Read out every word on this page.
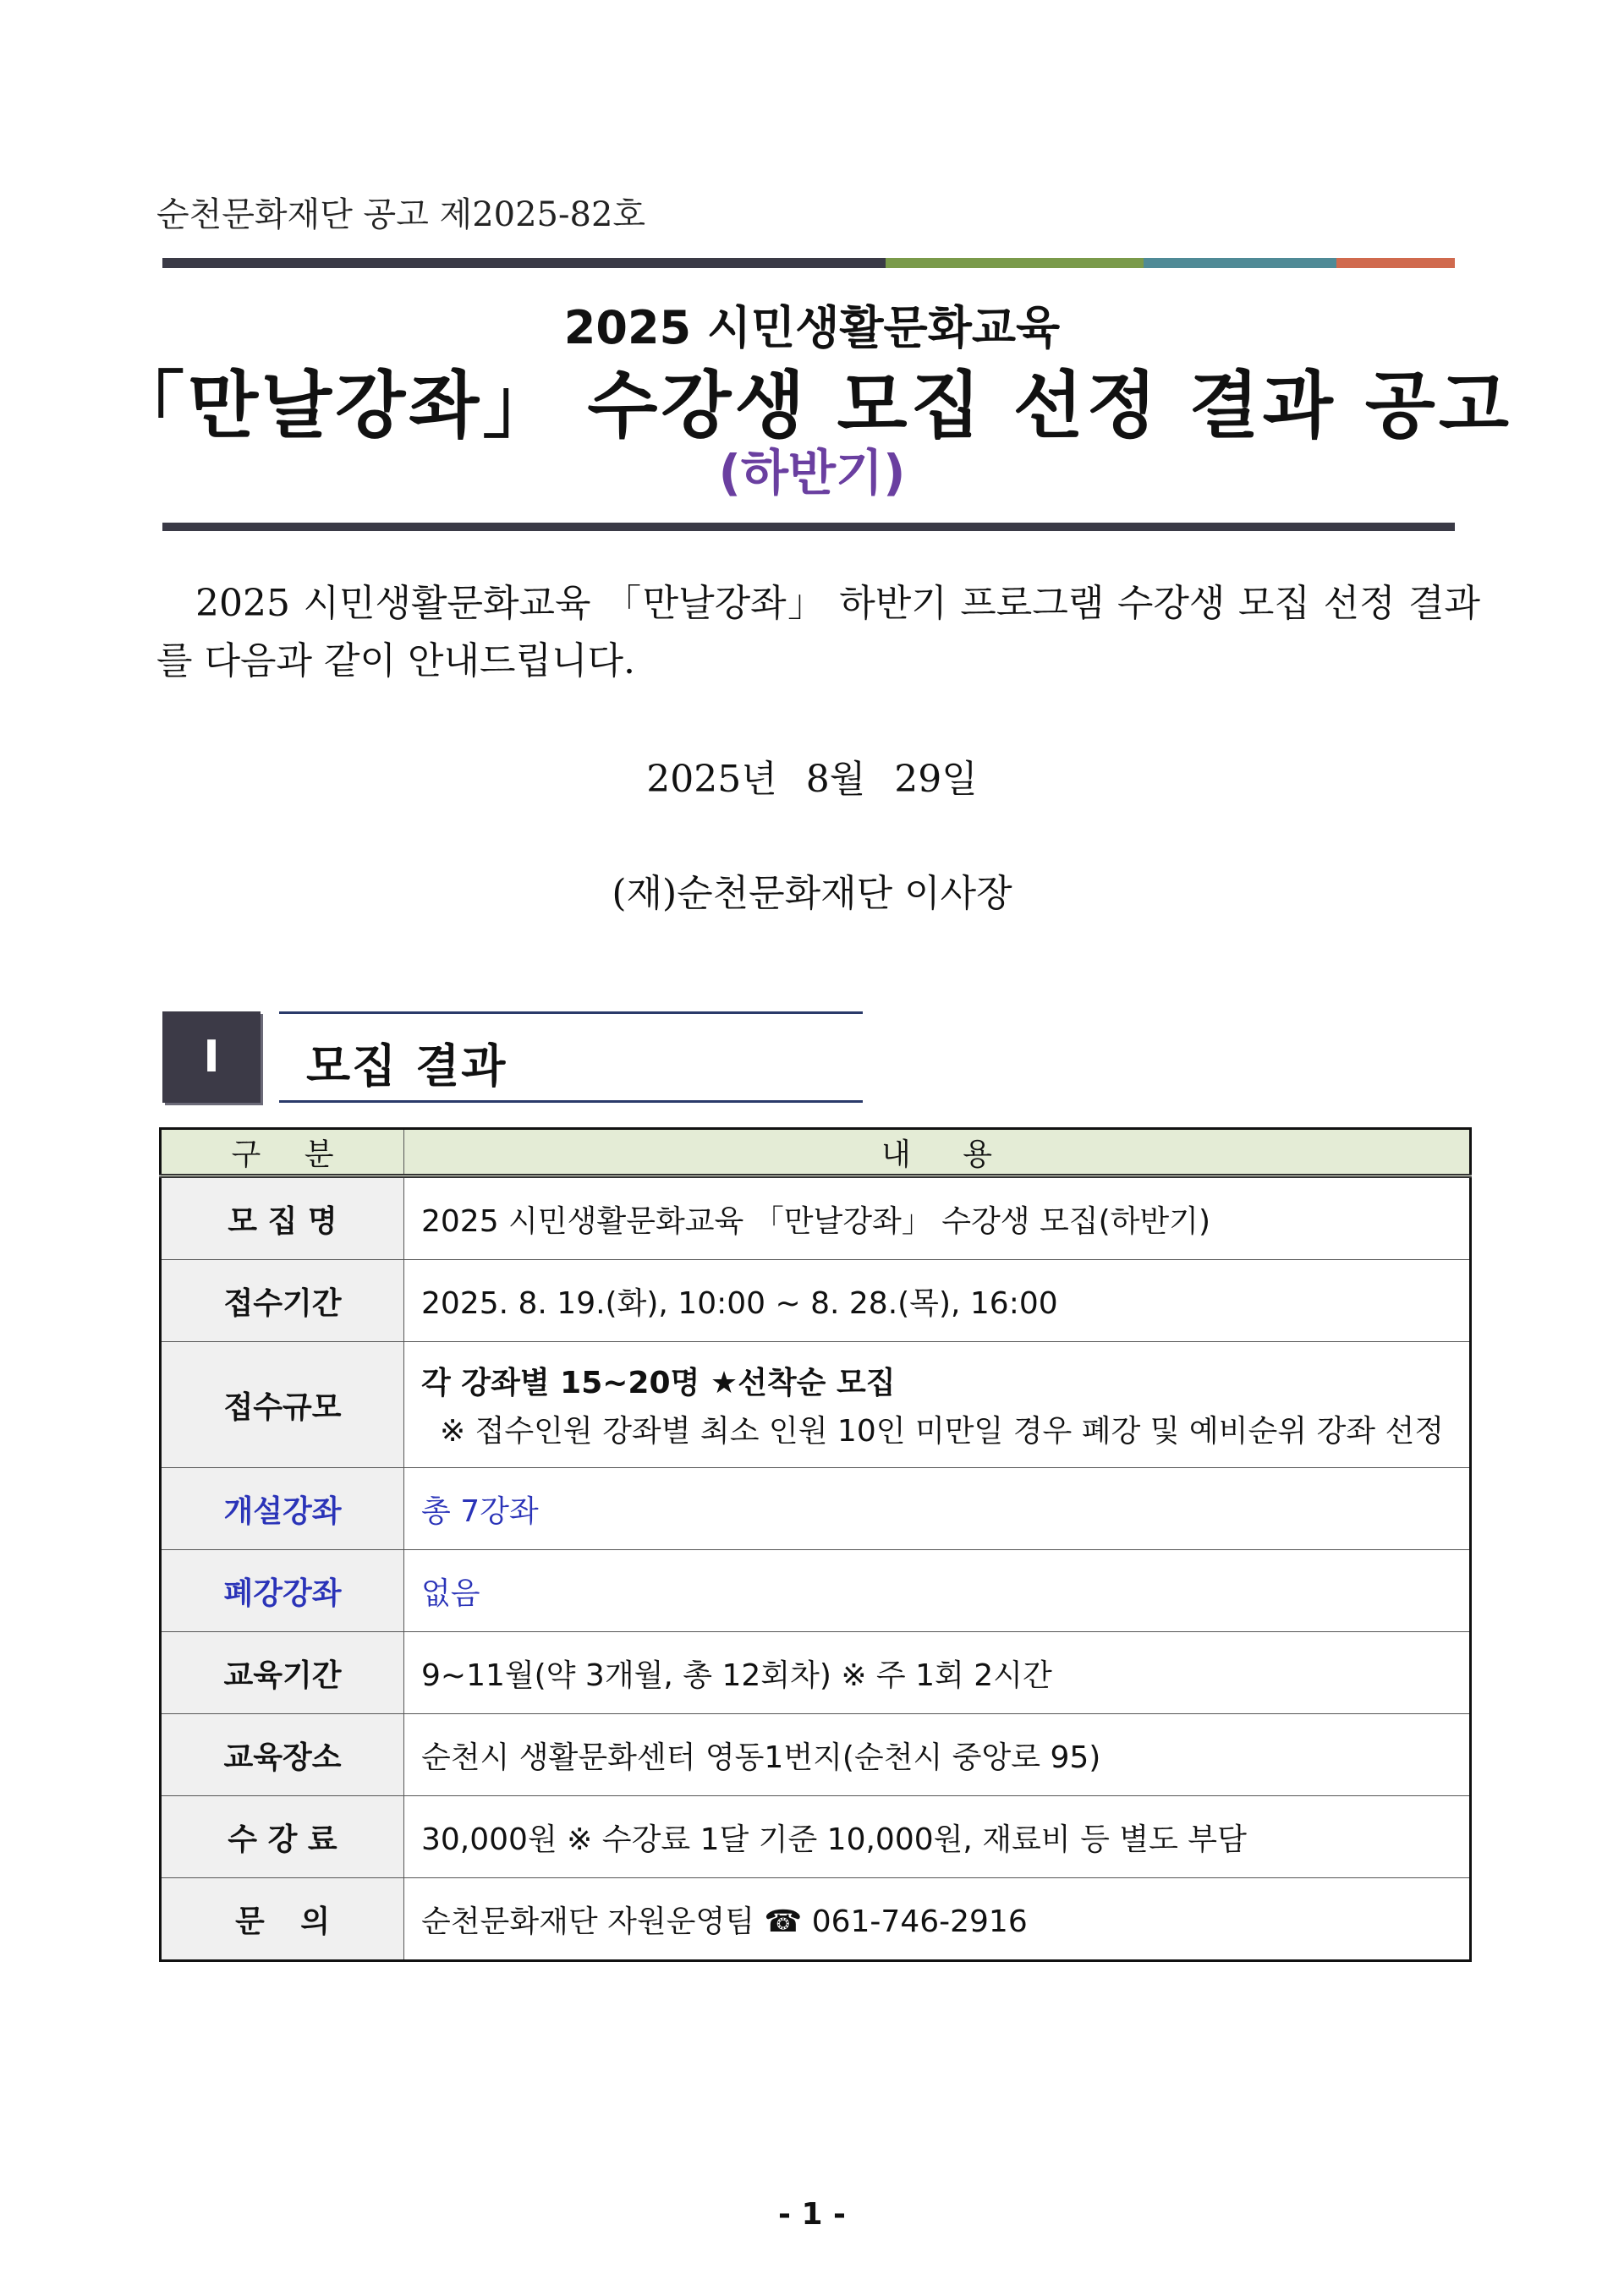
순천문화재단 공고 제2025-82호
2025 시민생활문화교육
「만날강좌」 수강생 모집 선정 결과 공고
(하반기)
2025 시민생활문화교육 「만날강좌」 하반기 프로그램 수강생 모집 선정 결과를 다음과 같이 안내드립니다.
2025년 8월 29일
(재)순천문화재단 이사장
Ⅰ 모집 결과
구 분	내 용
모 집 명	2025 시민생활문화교육 「만날강좌」 수강생 모집(하반기)
접수기간	2025. 8. 19.(화), 10:00 ~ 8. 28.(목), 16:00
접수규모	각 강좌별 15~20명 ★선착순 모집
※ 접수인원 강좌별 최소 인원 10인 미만일 경우 폐강 및 예비순위 강좌 선정

개설강좌	총 7강좌
폐강강좌	없음
교육기간	9~11월(약 3개월, 총 12회차) ※ 주 1회 2시간
교육장소	순천시 생활문화센터 영동1번지(순천시 중앙로 95)
수 강 료	30,000원 ※ 수강료 1달 기준 10,000원, 재료비 등 별도 부담
문 의	순천문화재단 자원운영팀 ☎ 061-746-2916
- 1 -
